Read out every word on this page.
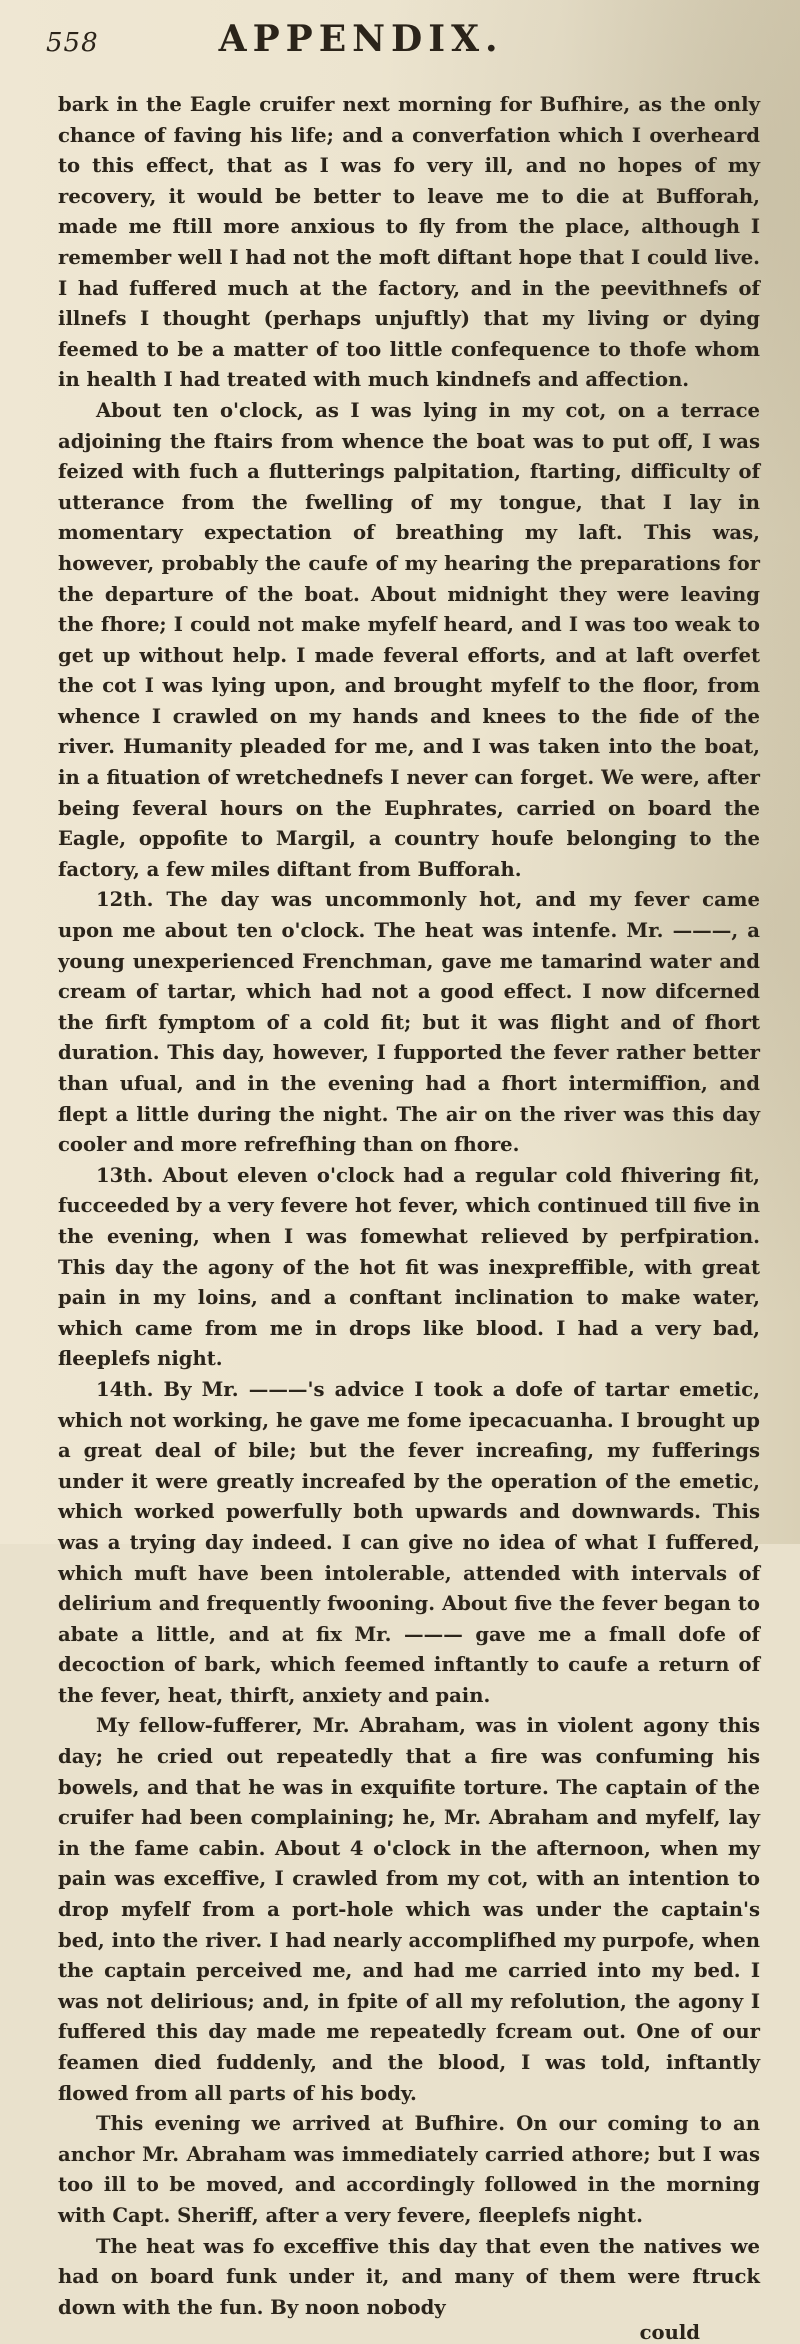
558	APPENDIX.

bark in the Eagle cruifer next morning for Bufhire, as the only chance of faving his life; and a converfation which I overheard to this effect, that as I was fo very ill, and no hopes of my recovery, it would be better to leave me to die at Bufforah, made me ftill more anxious to fly from the place, although I remember well I had not the moft diftant hope that I could live. I had fuffered much at the factory, and in the peevithnefs of illnefs I thought (perhaps unjuftly) that my living or dying feemed to be a matter of too little confequence to thofe whom in health I had treated with much kindnefs and affection.

About ten o'clock, as I was lying in my cot, on a terrace adjoining the ftairs from whence the boat was to put off, I was feized with fuch a flutterings palpitation, ftarting, difficulty of utterance from the fwelling of my tongue, that I lay in momentary expectation of breathing my laft. This was, however, probably the caufe of my hearing the preparations for the departure of the boat. About midnight they were leaving the fhore; I could not make myfelf heard, and I was too weak to get up without help. I made feveral efforts, and at laft overfet the cot I was lying upon, and brought myfelf to the floor, from whence I crawled on my hands and knees to the fide of the river. Humanity pleaded for me, and I was taken into the boat, in a fituation of wretchednefs I never can forget. We were, after being feveral hours on the Euphrates, carried on board the Eagle, oppofite to Margil, a country houfe belonging to the factory, a few miles diftant from Bufforah.

12th. The day was uncommonly hot, and my fever came upon me about ten o'clock. The heat was intenfe. Mr. ———, a young unexperienced Frenchman, gave me tamarind water and cream of tartar, which had not a good effect. I now difcerned the firft fymptom of a cold fit; but it was flight and of fhort duration. This day, however, I fupported the fever rather better than ufual, and in the evening had a fhort intermiffion, and flept a little during the night. The air on the river was this day cooler and more refrefhing than on fhore.

13th. About eleven o'clock had a regular cold fhivering fit, fucceeded by a very fevere hot fever, which continued till five in the evening, when I was fomewhat relieved by perfpiration. This day the agony of the hot fit was inexpreffible, with great pain in my loins, and a conftant inclination to make water, which came from me in drops like blood. I had a very bad, fleeplefs night.

14th. By Mr. ———'s advice I took a dofe of tartar emetic, which not working, he gave me fome ipecacuanha. I brought up a great deal of bile; but the fever increafing, my fufferings under it were greatly increafed by the operation of the emetic, which worked powerfully both upwards and downwards. This was a trying day indeed. I can give no idea of what I fuffered, which muft have been intolerable, attended with intervals of delirium and frequently fwooning. About five the fever began to abate a little, and at fix Mr. ——— gave me a fmall dofe of decoction of bark, which feemed inftantly to caufe a return of the fever, heat, thirft, anxiety and pain.

My fellow-fufferer, Mr. Abraham, was in violent agony this day; he cried out repeatedly that a fire was confuming his bowels, and that he was in exquifite torture. The captain of the cruifer had been complaining; he, Mr. Abraham and myfelf, lay in the fame cabin. About 4 o'clock in the afternoon, when my pain was exceffive, I crawled from my cot, with an intention to drop myfelf from a port-hole which was under the captain's bed, into the river. I had nearly accomplifhed my purpofe, when the captain perceived me, and had me carried into my bed. I was not delirious; and, in fpite of all my refolution, the agony I fuffered this day made me repeatedly fcream out. One of our feamen died fuddenly, and the blood, I was told, inftantly flowed from all parts of his body.

This evening we arrived at Bufhire. On our coming to an anchor Mr. Abraham was immediately carried athore; but I was too ill to be moved, and accordingly followed in the morning with Capt. Sheriff, after a very fevere, fleeplefs night.

The heat was fo exceffive this day that even the natives we had on board funk under it, and many of them were ftruck down with the fun. By noon nobody

could
